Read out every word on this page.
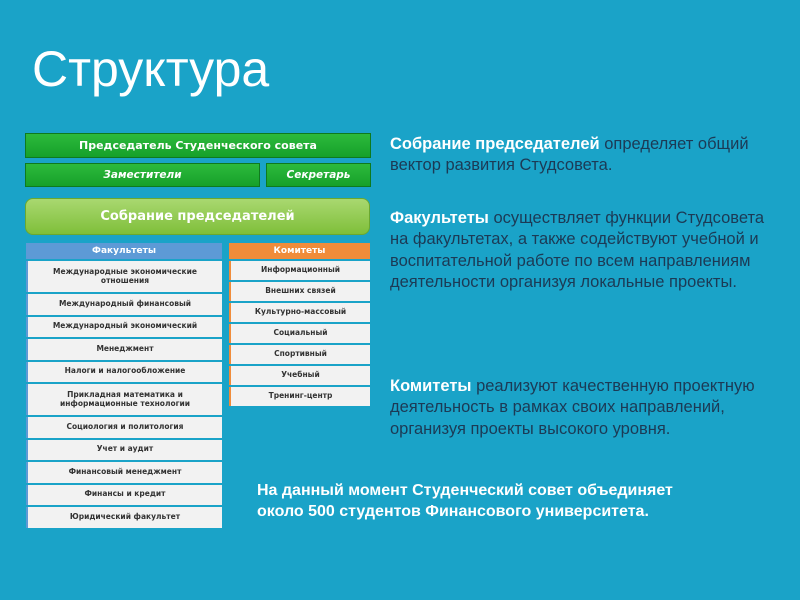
Структура
Председатель Студенческого совета
Заместители	Секретарь
Собрание председателей
Факультеты
Международные экономические отношения
Международный финансовый
Международный экономический
Менеджмент
Налоги и налогообложение
Прикладная математика и информационные технологии
Социология и политология
Учет и аудит
Финансовый менеджмент
Финансы и кредит
Юридический факультет
Комитеты
Информационный
Внешних связей
Культурно-массовый
Социальный
Спортивный
Учебный
Тренинг-центр
Собрание председателей определяет общий вектор развития Студсовета.
Факультеты осуществляет функции Студсовета на факультетах, а также содействуют учебной и воспитательной работе по всем направлениям деятельности организуя локальные проекты.
Комитеты реализуют качественную проектную деятельность в рамках своих направлений, организуя проекты высокого уровня.
На данный момент Студенческий совет объединяет
около 500 студентов Финансового университета.
